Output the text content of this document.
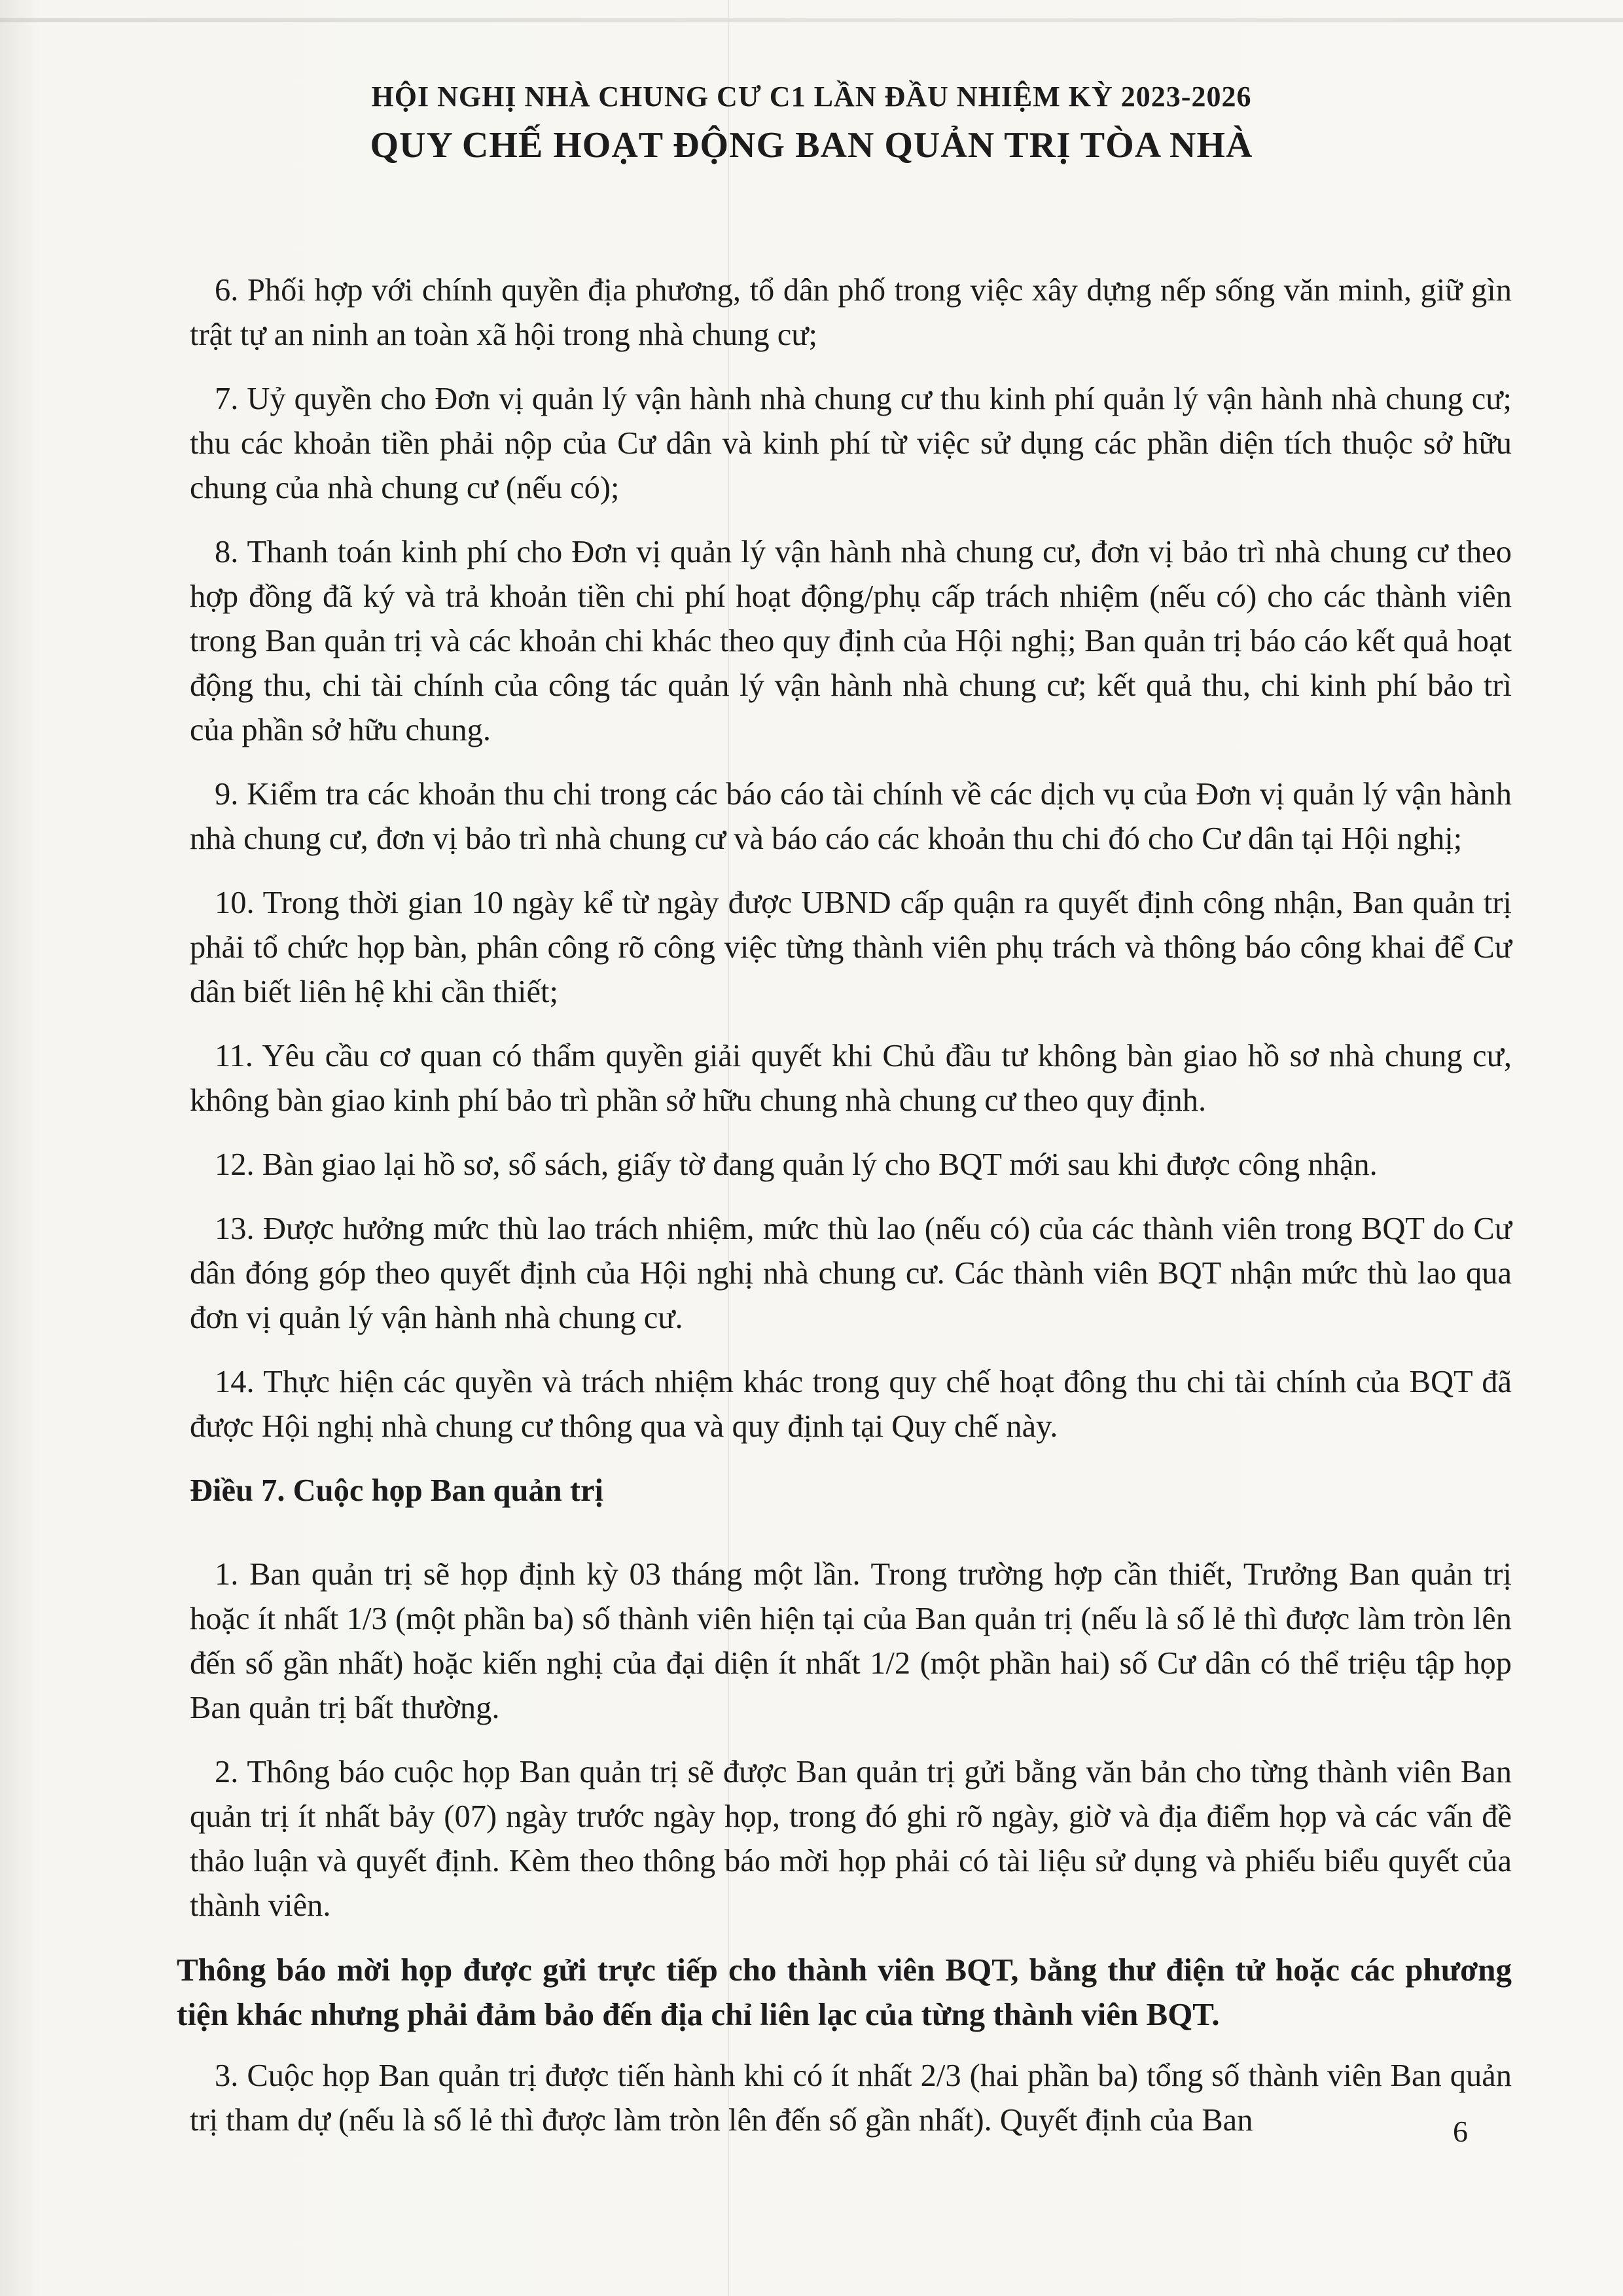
HỘI NGHỊ NHÀ CHUNG CƯ C1 LẦN ĐẦU NHIỆM KỲ 2023-2026

QUY CHẾ HOẠT ĐỘNG BAN QUẢN TRỊ TÒA NHÀ

6. Phối hợp với chính quyền địa phương, tổ dân phố trong việc xây dựng nếp sống văn minh, giữ gìn trật tự an ninh an toàn xã hội trong nhà chung cư;

7. Uỷ quyền cho Đơn vị quản lý vận hành nhà chung cư thu kinh phí quản lý vận hành nhà chung cư; thu các khoản tiền phải nộp của Cư dân và kinh phí từ việc sử dụng các phần diện tích thuộc sở hữu chung của nhà chung cư (nếu có);

8. Thanh toán kinh phí cho Đơn vị quản lý vận hành nhà chung cư, đơn vị bảo trì nhà chung cư theo hợp đồng đã ký và trả khoản tiền chi phí hoạt động/phụ cấp trách nhiệm (nếu có) cho các thành viên trong Ban quản trị và các khoản chi khác theo quy định của Hội nghị; Ban quản trị báo cáo kết quả hoạt động thu, chi tài chính của công tác quản lý vận hành nhà chung cư; kết quả thu, chi kinh phí bảo trì của phần sở hữu chung.

9. Kiểm tra các khoản thu chi trong các báo cáo tài chính về các dịch vụ của Đơn vị quản lý vận hành nhà chung cư, đơn vị bảo trì nhà chung cư và báo cáo các khoản thu chi đó cho Cư dân tại Hội nghị;

10. Trong thời gian 10 ngày kể từ ngày được UBND cấp quận ra quyết định công nhận, Ban quản trị phải tổ chức họp bàn, phân công rõ công việc từng thành viên phụ trách và thông báo công khai để Cư dân biết liên hệ khi cần thiết;

11. Yêu cầu cơ quan có thẩm quyền giải quyết khi Chủ đầu tư không bàn giao hồ sơ nhà chung cư, không bàn giao kinh phí bảo trì phần sở hữu chung nhà chung cư theo quy định.

12. Bàn giao lại hồ sơ, sổ sách, giấy tờ đang quản lý cho BQT mới sau khi được công nhận.

13. Được hưởng mức thù lao trách nhiệm, mức thù lao (nếu có) của các thành viên trong BQT do Cư dân đóng góp theo quyết định của Hội nghị nhà chung cư. Các thành viên BQT nhận mức thù lao qua đơn vị quản lý vận hành nhà chung cư.

14. Thực hiện các quyền và trách nhiệm khác trong quy chế hoạt đông thu chi tài chính của BQT đã được Hội nghị nhà chung cư thông qua và quy định tại Quy chế này.

Điều 7. Cuộc họp Ban quản trị

1. Ban quản trị sẽ họp định kỳ 03 tháng một lần. Trong trường hợp cần thiết, Trưởng Ban quản trị hoặc ít nhất 1/3 (một phần ba) số thành viên hiện tại của Ban quản trị (nếu là số lẻ thì được làm tròn lên đến số gần nhất) hoặc kiến nghị của đại diện ít nhất 1/2 (một phần hai) số Cư dân có thể triệu tập họp Ban quản trị bất thường.

2. Thông báo cuộc họp Ban quản trị sẽ được Ban quản trị gửi bằng văn bản cho từng thành viên Ban quản trị ít nhất bảy (07) ngày trước ngày họp, trong đó ghi rõ ngày, giờ và địa điểm họp và các vấn đề thảo luận và quyết định. Kèm theo thông báo mời họp phải có tài liệu sử dụng và phiếu biểu quyết của thành viên.

Thông báo mời họp được gửi trực tiếp cho thành viên BQT, bằng thư điện tử hoặc các phương tiện khác nhưng phải đảm bảo đến địa chỉ liên lạc của từng thành viên BQT.

3. Cuộc họp Ban quản trị được tiến hành khi có ít nhất 2/3 (hai phần ba) tổng số thành viên Ban quản trị tham dự (nếu là số lẻ thì được làm tròn lên đến số gần nhất). Quyết định của Ban	6
